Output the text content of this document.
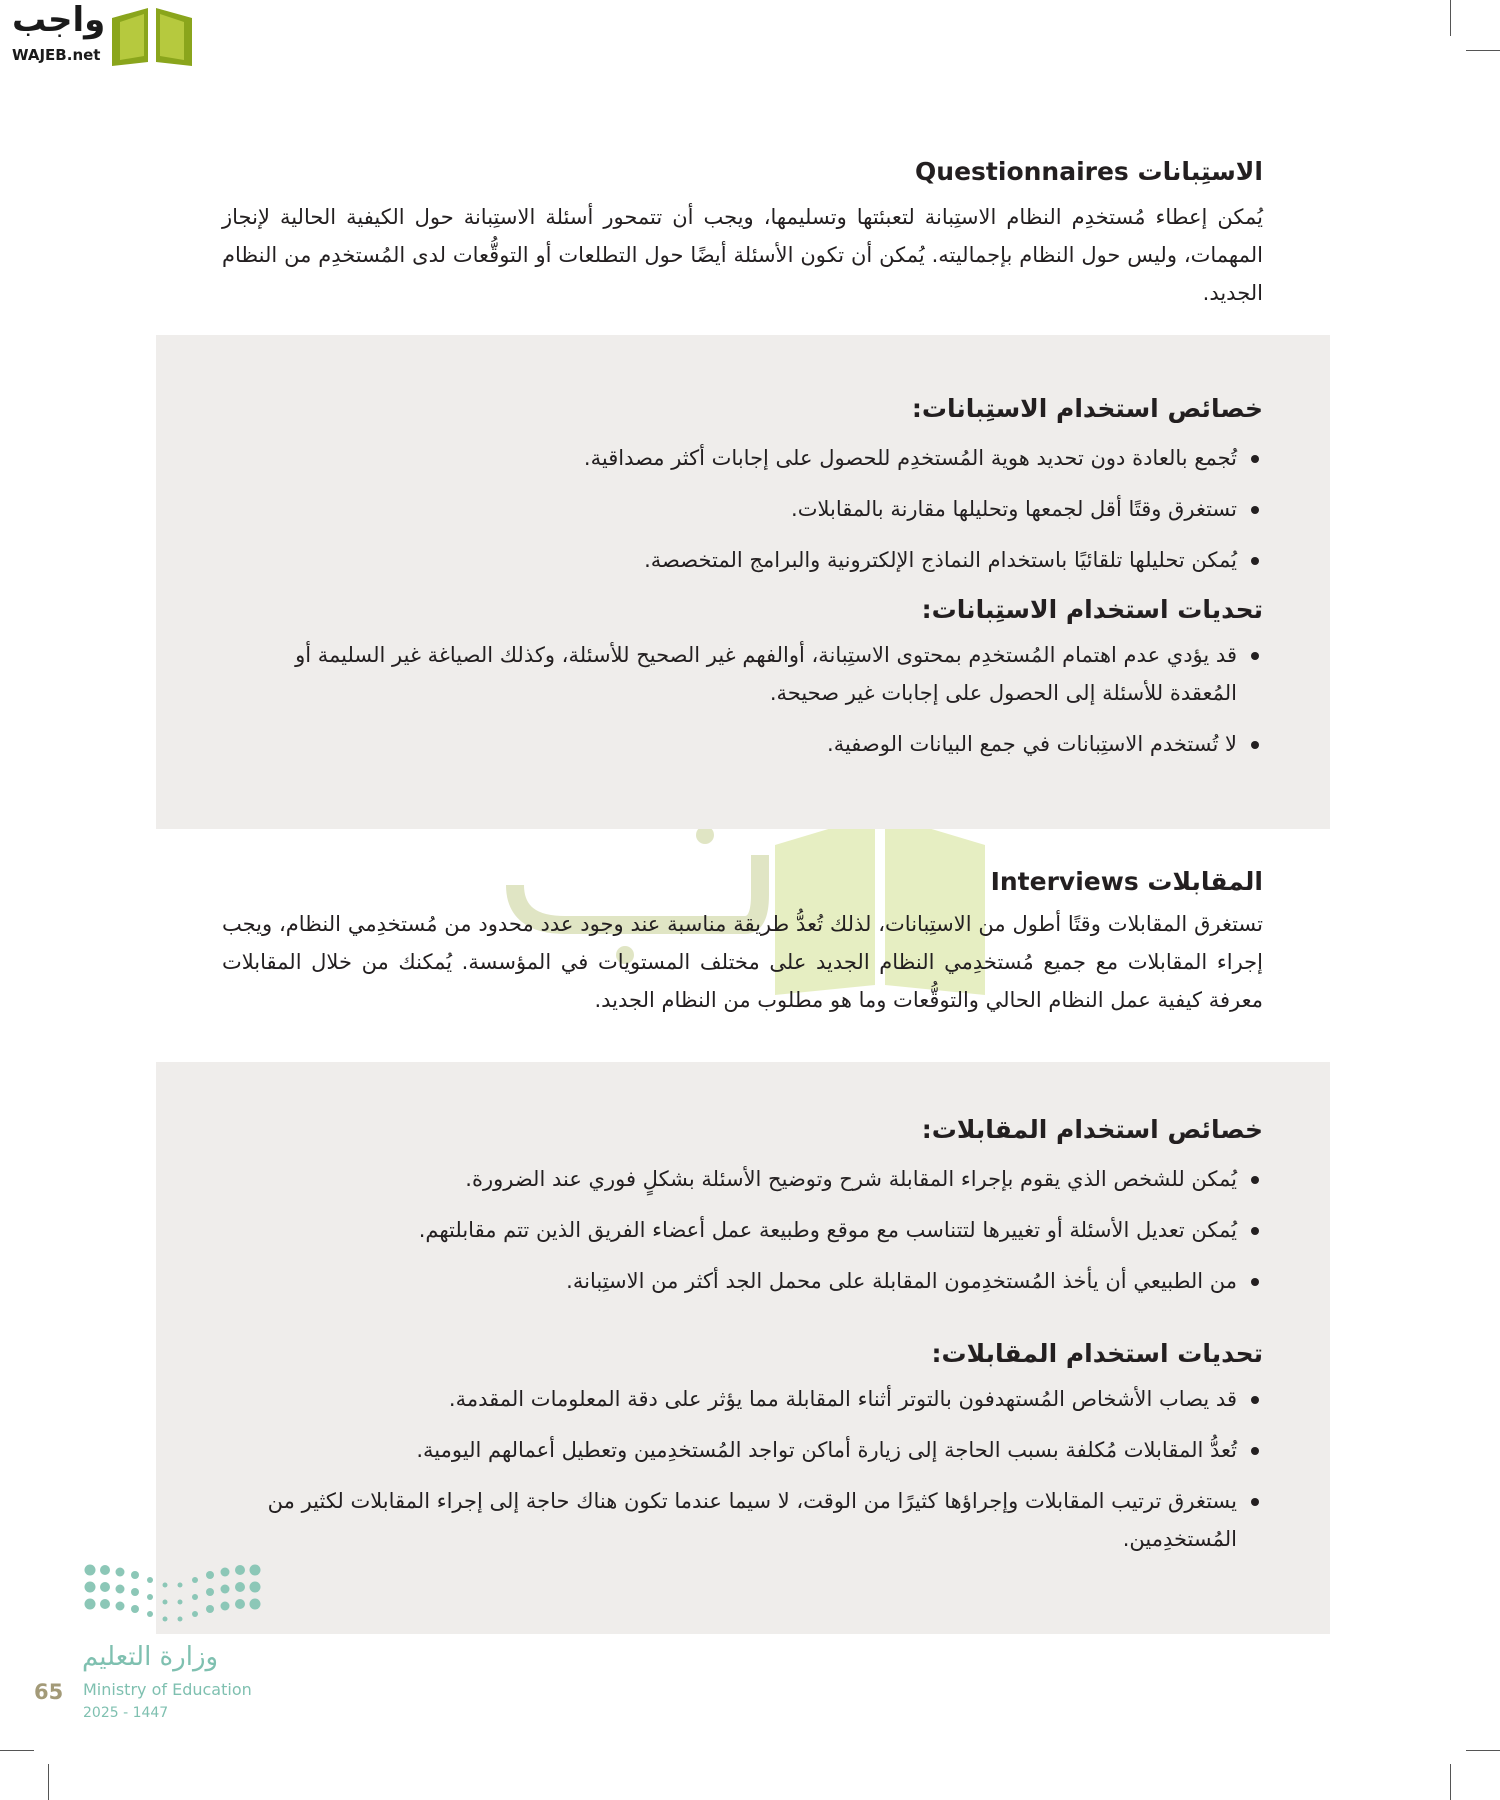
واجب
WAJEB.net
الاستِبانات Questionnaires
يُمكن إعطاء مُستخدِم النظام الاستِبانة لتعبئتها وتسليمها، ويجب أن تتمحور أسئلة الاستِبانة حول الكيفية الحالية لإنجاز المهمات، وليس حول النظام بإجماليته. يُمكن أن تكون الأسئلة أيضًا حول التطلعات أو التوقُّعات لدى المُستخدِم من النظام الجديد.
خصائص استخدام الاستِبانات:
تُجمع بالعادة دون تحديد هوية المُستخدِم للحصول على إجابات أكثر مصداقية.
تستغرق وقتًا أقل لجمعها وتحليلها مقارنة بالمقابلات.
يُمكن تحليلها تلقائيًا باستخدام النماذج الإلكترونية والبرامج المتخصصة.
تحديات استخدام الاستِبانات:
قد يؤدي عدم اهتمام المُستخدِم بمحتوى الاستِبانة، أوالفهم غير الصحيح للأسئلة، وكذلك الصياغة غير السليمة أو المُعقدة للأسئلة إلى الحصول على إجابات غير صحيحة.
لا تُستخدم الاستِبانات في جمع البيانات الوصفية.
المقابلات Interviews
تستغرق المقابلات وقتًا أطول من الاستِبانات، لذلك تُعدُّ طريقة مناسبة عند وجود عدد محدود من مُستخدِمي النظام، ويجب إجراء المقابلات مع جميع مُستخدِمي النظام الجديد على مختلف المستويات في المؤسسة. يُمكنك من خلال المقابلات معرفة كيفية عمل النظام الحالي والتوقُّعات وما هو مطلوب من النظام الجديد.
خصائص استخدام المقابلات:
يُمكن للشخص الذي يقوم بإجراء المقابلة شرح وتوضيح الأسئلة بشكلٍ فوري عند الضرورة.
يُمكن تعديل الأسئلة أو تغييرها لتتناسب مع موقع وطبيعة عمل أعضاء الفريق الذين تتم مقابلتهم.
من الطبيعي أن يأخذ المُستخدِمون المقابلة على محمل الجد أكثر من الاستِبانة.
تحديات استخدام المقابلات:
قد يصاب الأشخاص المُستهدفون بالتوتر أثناء المقابلة مما يؤثر على دقة المعلومات المقدمة.
تُعدُّ المقابلات مُكلفة بسبب الحاجة إلى زيارة أماكن تواجد المُستخدِمين وتعطيل أعمالهم اليومية.
يستغرق ترتيب المقابلات وإجراؤها كثيرًا من الوقت، لا سيما عندما تكون هناك حاجة إلى إجراء المقابلات لكثير من المُستخدِمين.
وزارة التعليم
65 Ministry of Education
2025 - 1447
